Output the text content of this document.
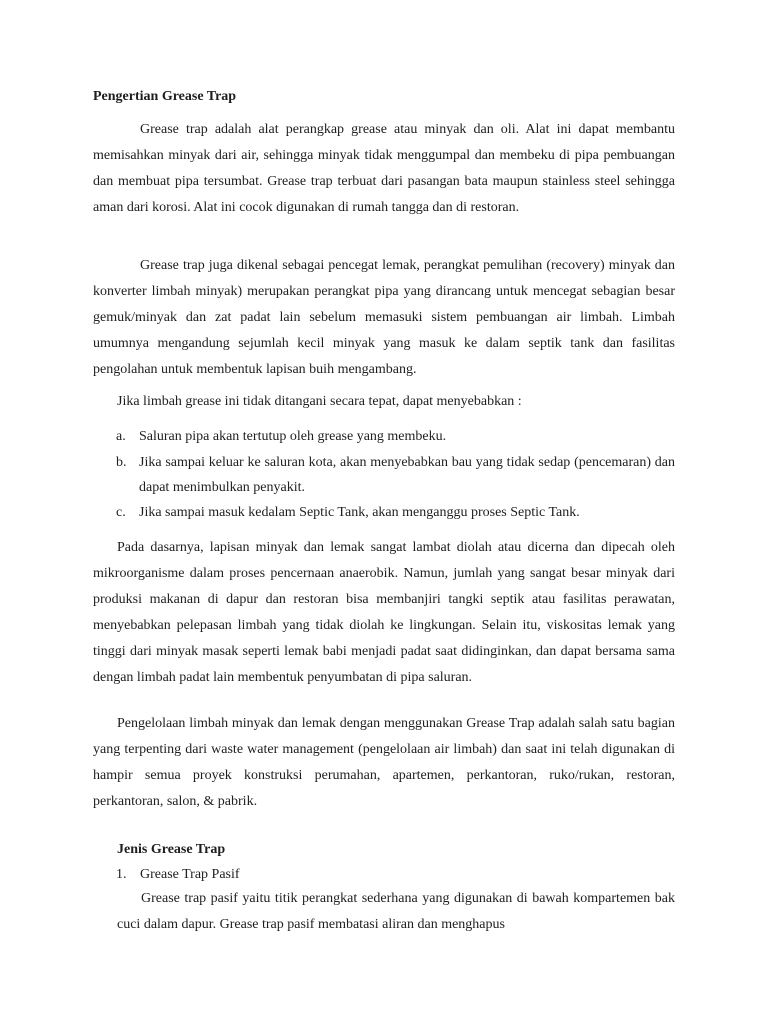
Pengertian Grease Trap

Grease trap adalah alat perangkap grease atau minyak dan oli. Alat ini dapat membantu memisahkan minyak dari air, sehingga minyak tidak menggumpal dan membeku di pipa pembuangan dan membuat pipa tersumbat. Grease trap terbuat dari pasangan bata maupun stainless steel sehingga aman dari korosi. Alat ini cocok digunakan di rumah tangga dan di restoran.

Grease trap juga dikenal sebagai pencegat lemak, perangkat pemulihan (recovery) minyak dan konverter limbah minyak) merupakan perangkat pipa yang dirancang untuk mencegat sebagian besar gemuk/minyak dan zat padat lain sebelum memasuki sistem pembuangan air limbah. Limbah umumnya mengandung sejumlah kecil minyak yang masuk ke dalam septik tank dan fasilitas pengolahan untuk membentuk lapisan buih mengambang.

Jika limbah grease ini tidak ditangani secara tepat, dapat menyebabkan :

a. Saluran pipa akan tertutup oleh grease yang membeku.
b. Jika sampai keluar ke saluran kota, akan menyebabkan bau yang tidak sedap (pencemaran) dan dapat menimbulkan penyakit.
c. Jika sampai masuk kedalam Septic Tank, akan menganggu proses Septic Tank.

Pada dasarnya, lapisan minyak dan lemak sangat lambat diolah atau dicerna dan dipecah oleh mikroorganisme dalam proses pencernaan anaerobik. Namun, jumlah yang sangat besar minyak dari produksi makanan di dapur dan restoran bisa membanjiri tangki septik atau fasilitas perawatan, menyebabkan pelepasan limbah yang tidak diolah ke lingkungan. Selain itu, viskositas lemak yang tinggi dari minyak masak seperti lemak babi menjadi padat saat didinginkan, dan dapat bersama sama dengan limbah padat lain membentuk penyumbatan di pipa saluran.

Pengelolaan limbah minyak dan lemak dengan menggunakan Grease Trap adalah salah satu bagian yang terpenting dari waste water management (pengelolaan air limbah) dan saat ini telah digunakan di hampir semua proyek konstruksi perumahan, apartemen, perkantoran, ruko/rukan, restoran, perkantoran, salon, & pabrik.

Jenis Grease Trap
1. Grease Trap Pasif

Grease trap pasif yaitu titik perangkat sederhana yang digunakan di bawah kompartemen bak cuci dalam dapur. Grease trap pasif membatasi aliran dan menghapus
